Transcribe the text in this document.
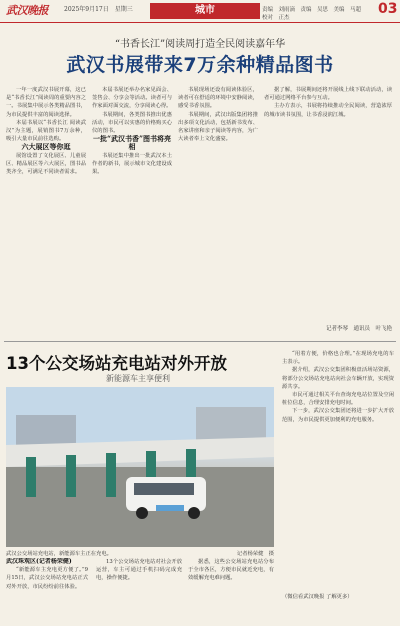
武汉晚报	2025年9月17日　星期三	城市	责编　刘雨滴　责编　吴思　美编　马超　校对　正杰
03
“书香长江”阅读周打造全民阅读嘉年华
武汉书展带来7万余种精品图书

一年一度武汉书展开幕，这已是“书香长江”阅读周的重要内容之一。书展集中展示各类精品图书，为市民提供丰富的阅读选择。

本届书展以“书香长江 阅读武汉”为主题，展销图书7万余种，吸引大量市民前往选购。

六大展区等你逛

展馆设置了文化展区、儿童展区、精品展区等六大展区，图书品类齐全，可满足不同读者需求。

本届书展还举办名家见面会、签售会、分享会等活动。读者可与作家面对面交流，分享阅读心得。

书展期间，各类图书推出优惠活动，市民可以实惠的价格购买心仪的图书。

一批“武汉书香”图书将亮相

书展还集中推出一批武汉本土作者的新书，展示城市文化建设成果。

书展现场还设有阅读体验区，读者可在舒适的环境中安静阅读，感受书香氛围。

书展期间，武汉出版集团将推出多项文化活动，包括新书发布、名家讲座和亲子阅读等内容，为广大读者奉上文化盛宴。

据了解，书展期间还将开展线上线下联动活动，读者可通过网络平台参与互动。

主办方表示，书展将持续推动全民阅读，营造浓厚的城市读书氛围，让书香浸润江城。

记者李琴　通讯员　叶飞艳
13个公交场站充电站对外开放
新能源车主享便利
武汉公交场站充电站，新能源车主正在充电。	记者杨荣健　摄

武汉珠观区(记者杨荣健)

“新能源车主充电更方便了。”9月15日，武汉公交场站充电站正式对外开放，市民纷纷前往体验。

13个公交场站充电站对社会开放运营，车主可通过手机扫码完成充电，操作便捷。

据悉，这些公交场站充电站分布于全市各区，方便市民就近充电，有效缓解充电难问题。

“用着方便，价格也合理。”在现场充电的车主表示。

据介绍，武汉公交集团积极盘活场站资源，将部分公交场站充电站向社会车辆开放，实现资源共享。

市民可通过相关平台查询充电站位置及空闲桩位信息，合理安排充电时间。

下一步，武汉公交集团还将进一步扩大开放范围，为市民提供更加便利的充电服务。

（微信看武汉晚报 了解更多）
